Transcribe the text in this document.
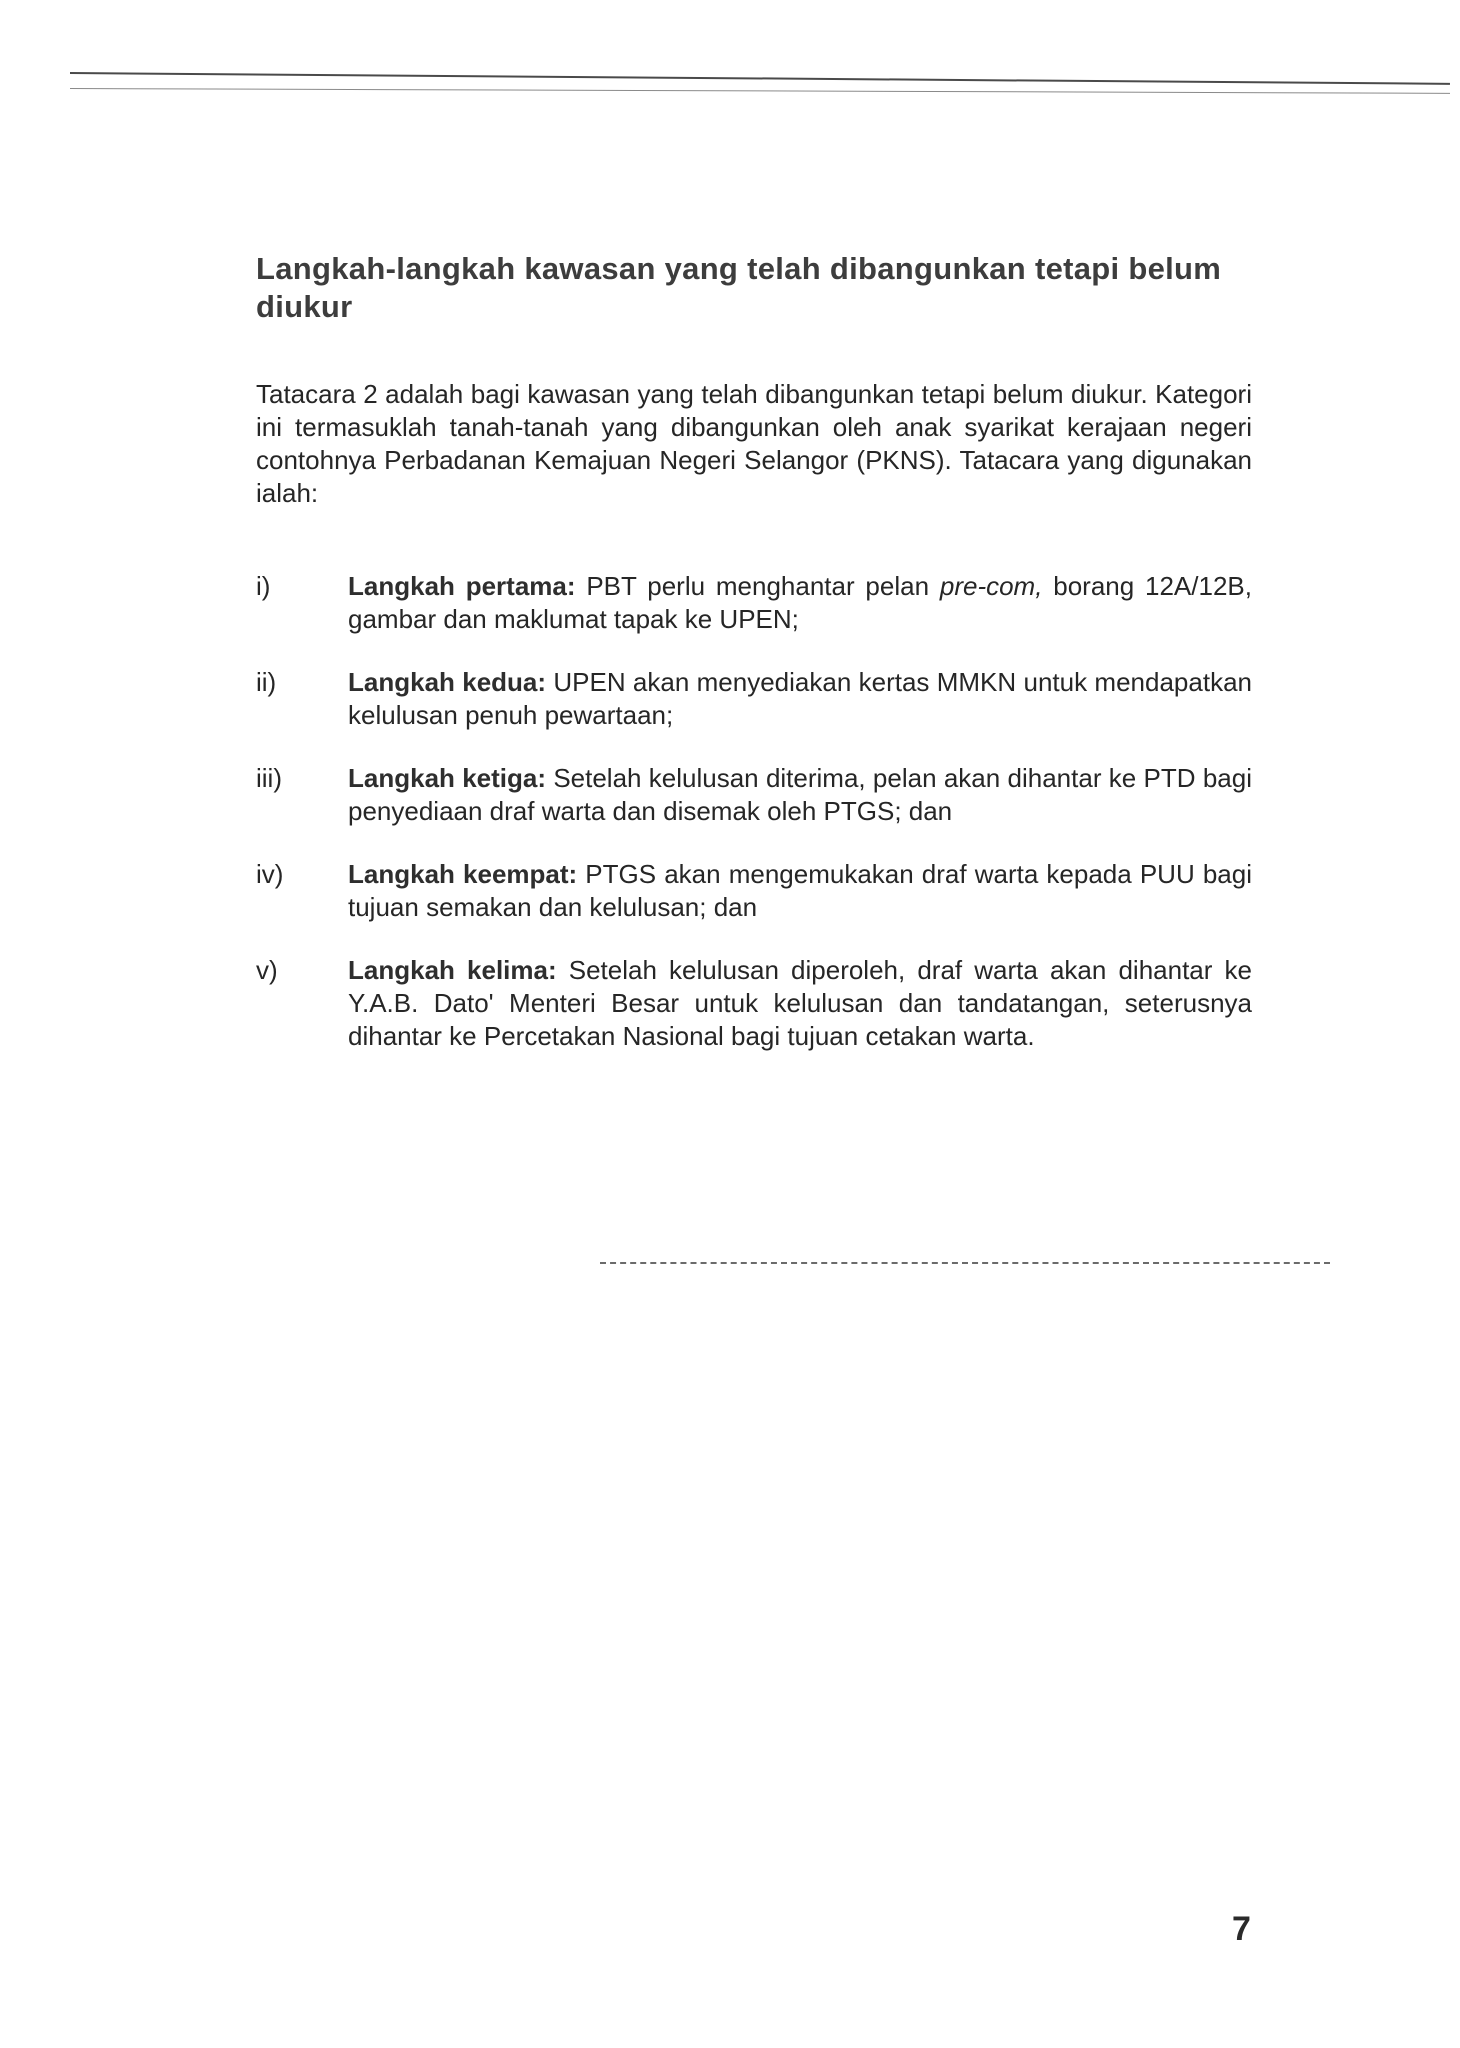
Langkah-langkah kawasan yang telah dibangunkan tetapi belum diukur

Tatacara 2 adalah bagi kawasan yang telah dibangunkan tetapi belum diukur. Kategori ini termasuklah tanah-tanah yang dibangunkan oleh anak syarikat kerajaan negeri contohnya Perbadanan Kemajuan Negeri Selangor (PKNS). Tatacara yang digunakan ialah:

i)	Langkah pertama: PBT perlu menghantar pelan pre-com, borang 12A/12B, gambar dan maklumat tapak ke UPEN;
ii)	Langkah kedua: UPEN akan menyediakan kertas MMKN untuk mendapatkan kelulusan penuh pewartaan;
iii)	Langkah ketiga: Setelah kelulusan diterima, pelan akan dihantar ke PTD bagi penyediaan draf warta dan disemak oleh PTGS; dan
iv)	Langkah keempat: PTGS akan mengemukakan draf warta kepada PUU bagi tujuan semakan dan kelulusan; dan
v)	Langkah kelima: Setelah kelulusan diperoleh, draf warta akan dihantar ke Y.A.B. Dato' Menteri Besar untuk kelulusan dan tandatangan, seterusnya dihantar ke Percetakan Nasional bagi tujuan cetakan warta.
7
